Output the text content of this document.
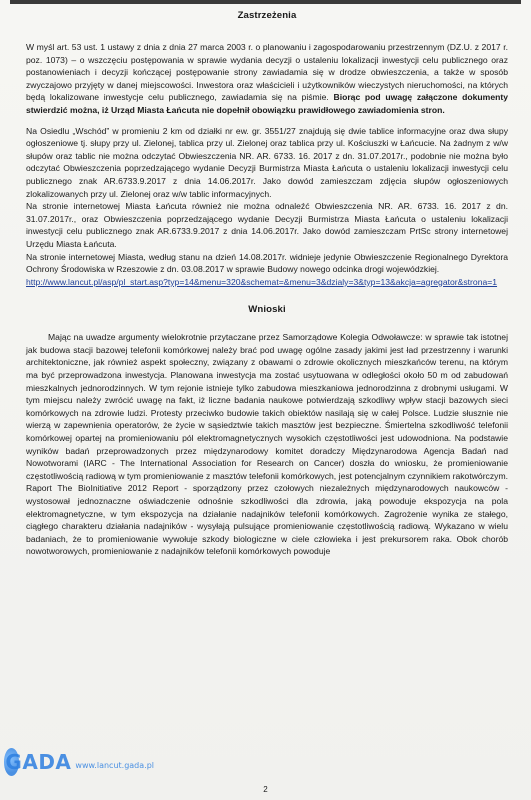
Zastrzeżenia

W myśl art. 53 ust. 1 ustawy z dnia z dnia 27 marca 2003 r. o planowaniu i zagospodarowaniu przestrzennym (DZ.U. z 2017 r. poz. 1073) – o wszczęciu postępowania w sprawie wydania decyzji o ustaleniu lokalizacji inwestycji celu publicznego oraz postanowieniach i decyzji kończącej postępowanie strony zawiadamia się w drodze obwieszczenia, a także w sposób zwyczajowo przyjęty w danej miejscowości. Inwestora oraz właścicieli i użytkowników wieczystych nieruchomości, na których będą lokalizowane inwestycje celu publicznego, zawiadamia się na piśmie. Biorąc pod uwagę załączone dokumenty stwierdzić można, iż Urząd Miasta Łańcuta nie dopełnił obowiązku prawidłowego zawiadomienia stron.

Na Osiedlu „Wschód” w promieniu 2 km od działki nr ew. gr. 3551/27 znajdują się dwie tablice informacyjne oraz dwa słupy ogłoszeniowe tj. słupy przy ul. Zielonej, tablica przy ul. Zielonej oraz tablica przy ul. Kościuszki w Łańcucie. Na żadnym z w/w słupów oraz tablic nie można odczytać Obwieszczenia NR. AR. 6733. 16. 2017 z dn. 31.07.2017r., podobnie nie można było odczytać Obwieszczenia poprzedzającego wydanie Decyzji Burmistrza Miasta Łańcuta o ustaleniu lokalizacji inwestycji celu publicznego znak AR.6733.9.2017 z dnia 14.06.2017r. Jako dowód zamieszczam zdjęcia słupów ogłoszeniowych zlokalizowanych przy ul. Zielonej oraz w/w tablic informacyjnych.

Na stronie internetowej Miasta Łańcuta również nie można odnaleźć Obwieszczenia NR. AR. 6733. 16. 2017 z dn. 31.07.2017r., oraz Obwieszczenia poprzedzającego wydanie Decyzji Burmistrza Miasta Łańcuta o ustaleniu lokalizacji inwestycji celu publicznego znak AR.6733.9.2017 z dnia 14.06.2017r. Jako dowód zamieszczam PrtSc strony internetowej Urzędu Miasta Łańcuta.

Na stronie internetowej Miasta, według stanu na dzień 14.08.2017r. widnieje jedynie Obwieszczenie Regionalnego Dyrektora Ochrony Środowiska w Rzeszowie z dn. 03.08.2017 w sprawie Budowy nowego odcinka drogi wojewódzkiej.

http://www.lancut.pl/asp/pl_start.asp?typ=14&menu=320&schemat=&menu=3&dzialy=3&typ=13&akcja=agregator&strona=1

Wnioski

Mając na uwadze argumenty wielokrotnie przytaczane przez Samorządowe Kolegia Odwoławcze: w sprawie tak istotnej jak budowa stacji bazowej telefonii komórkowej należy brać pod uwagę ogólne zasady jakimi jest ład przestrzenny i warunki architektoniczne, jak również aspekt społeczny, związany z obawami o zdrowie okolicznych mieszkańców terenu, na którym ma być przeprowadzona inwestycja. Planowana inwestycja ma zostać usytuowana w odległości około 50 m od zabudowań mieszkalnych jednorodzinnych. W tym rejonie istnieje tylko zabudowa mieszkaniowa jednorodzinna z drobnymi usługami. W tym miejscu należy zwrócić uwagę na fakt, iż liczne badania naukowe potwierdzają szkodliwy wpływ stacji bazowych sieci komórkowych na zdrowie ludzi. Protesty przeciwko budowie takich obiektów nasilają się w całej Polsce. Ludzie słusznie nie wierzą w zapewnienia operatorów, że życie w sąsiedztwie takich masztów jest bezpieczne. Śmiertelna szkodliwość telefonii komórkowej opartej na promieniowaniu pól elektromagnetycznych wysokich częstotliwości jest udowodniona. Na podstawie wyników badań przeprowadzonych przez międzynarodowy komitet doradczy Międzynarodowa Agencja Badań nad Nowotworami (IARC - The International Association for Research on Cancer) doszła do wniosku, że promieniowanie częstotliwością radiową w tym promieniowanie z masztów telefonii komórkowych, jest potencjalnym czynnikiem rakotwórczym. Raport The BioInitiative 2012 Report - sporządzony przez czołowych niezależnych międzynarodowych naukowców - wystosował jednoznaczne oświadczenie odnośnie szkodliwości dla zdrowia, jaką powoduje ekspozycja na pola elektromagnetyczne, w tym ekspozycja na działanie nadajników telefonii komórkowych. Zagrożenie wynika ze stałego, ciągłego charakteru działania nadajników - wysyłają pulsujące promieniowanie częstotliwością radiową. Wykazano w wielu badaniach, że to promieniowanie wywołuje szkody biologiczne w ciele człowieka i jest prekursorem raka. Obok chorób nowotworowych, promieniowanie z nadajników telefonii komórkowych powoduje

GADA www.lancut.gada.pl
2
